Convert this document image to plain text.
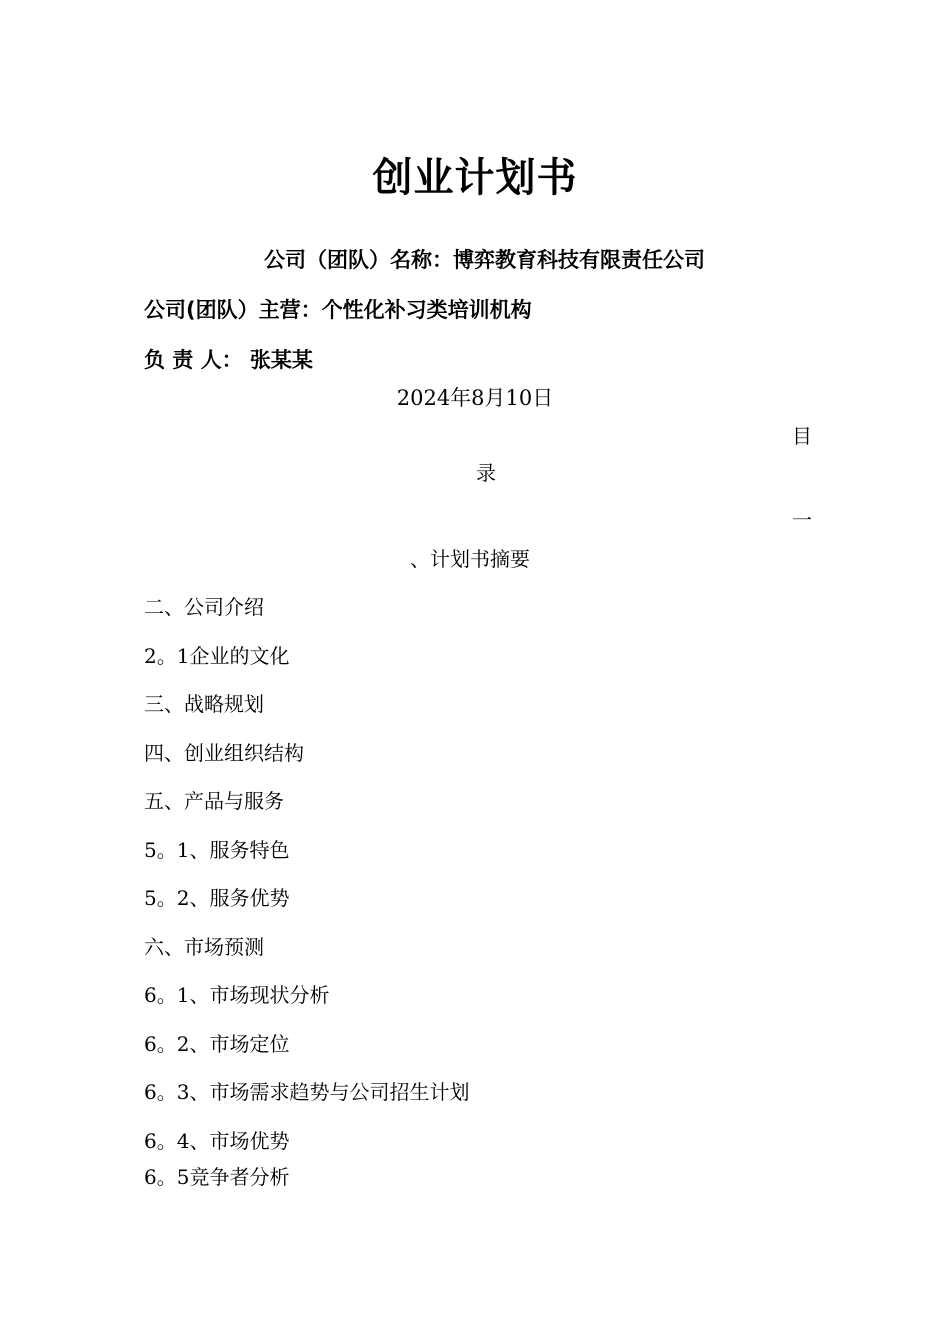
创业计划书
公司（团队）名称：博弈教育科技有限责任公司
公司(团队）主营：个性化补习类培训机构
负 责 人： 张某某
2024年8月10日
目
录
一
、计划书摘要
二、公司介绍
2。1企业的文化
三、战略规划
四、创业组织结构
五、产品与服务
5。1、服务特色
5。2、服务优势
六、市场预测
6。1、市场现状分析
6。2、市场定位
6。3、市场需求趋势与公司招生计划
6。4、市场优势
6。5竞争者分析
